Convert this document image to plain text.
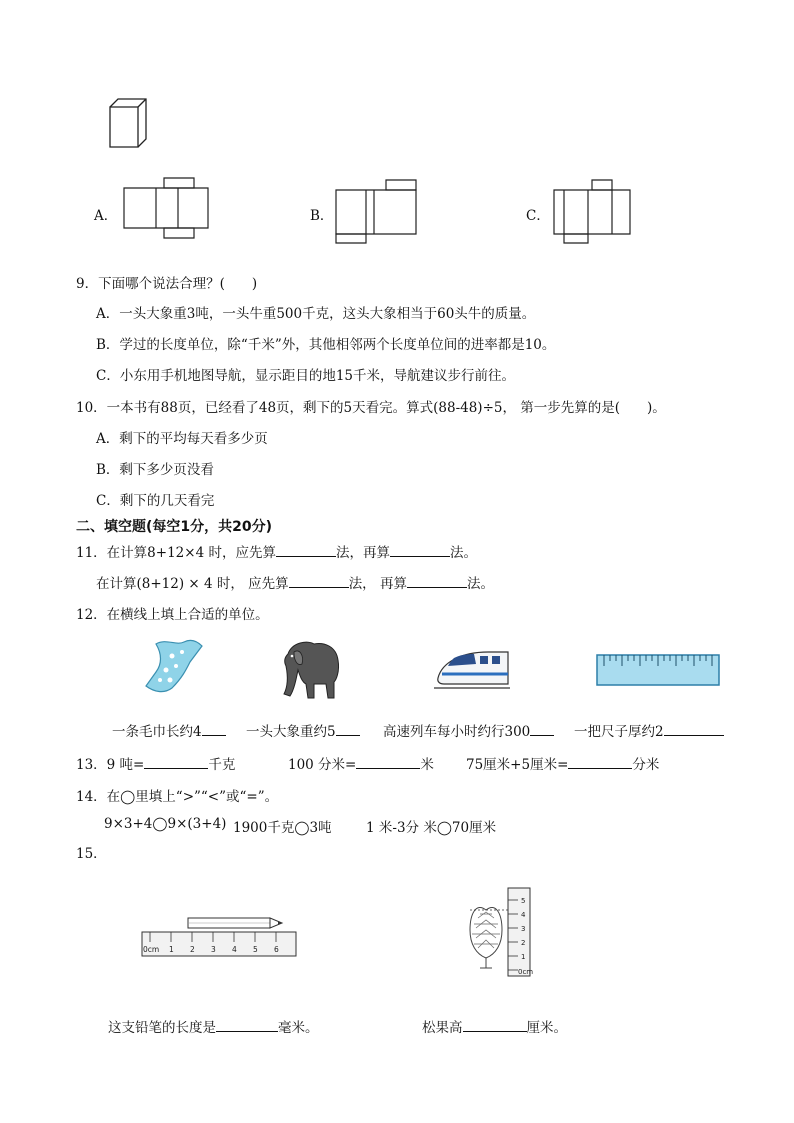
A．	B．	C．
9．下面哪个说法合理？(　　)
A．一头大象重3吨，一头牛重500千克，这头大象相当于60头牛的质量。
B．学过的长度单位，除“千米”外，其他相邻两个长度单位间的进率都是10。
C．小东用手机地图导航，显示距目的地15千米，导航建议步行前往。
10．一本书有88页，已经看了48页，剩下的5天看完。算式(88-48)÷5， 第一步先算的是(　　)。
A．剩下的平均每天看多少页
B．剩下多少页没看
C．剩下的几天看完
二、填空题(每空1分，共20分)
11．在计算8+12×4 时，应先算	法，再算	法。
在计算(8+12) × 4 时， 应先算	法， 再算	法。
12．在横线上填上合适的单位。
一条毛巾长约4	一头大象重约5	高速列车每小时约行300	一把尺子厚约2
13．9 吨=	千克	100 分米=	米 75厘米+5厘米=	分米
14．在◯里填上“>”“<”或“=”。
9×3+4◯9×(3+4) 1900千克◯3吨	1 米-3分 米◯70厘米
15．
0cm 1 2 3 4 5 6
0cm
1
2
3
4
5
这支铅笔的长度是	毫米。	松果高	厘米。
